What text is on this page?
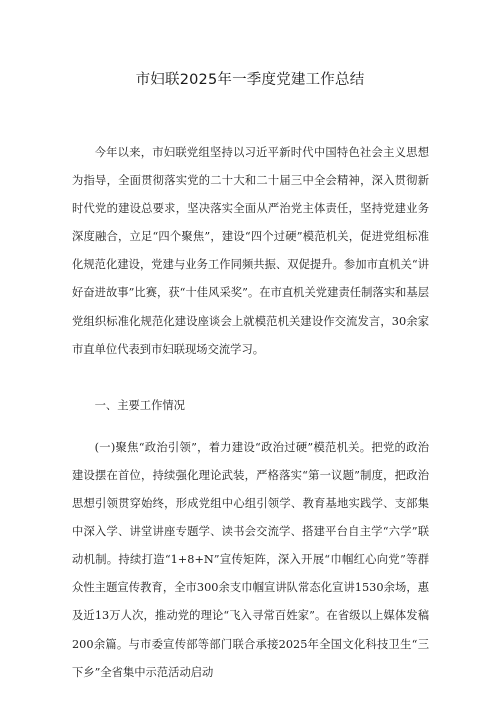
市妇联2025年一季度党建工作总结

今年以来，市妇联党组坚持以习近平新时代中国特色社会主义思想为指导，全面贯彻落实党的二十大和二十届三中全会精神，深入贯彻新时代党的建设总要求，坚决落实全面从严治党主体责任，坚持党建业务深度融合，立足“四个聚焦”，建设“四个过硬”模范机关，促进党组标准化规范化建设，党建与业务工作同频共振、双促提升。参加市直机关“讲好奋进故事”比赛，获“十佳风采奖”。在市直机关党建责任制落实和基层党组织标准化规范化建设座谈会上就模范机关建设作交流发言，30余家市直单位代表到市妇联现场交流学习。

一、主要工作情况

(一)聚焦“政治引领”，着力建设“政治过硬”模范机关。把党的政治建设摆在首位，持续强化理论武装，严格落实“第一议题”制度，把政治思想引领贯穿始终，形成党组中心组引领学、教育基地实践学、支部集中深入学、讲堂讲座专题学、读书会交流学、搭建平台自主学“六学”联动机制。持续打造“1+8+N”宣传矩阵，深入开展“巾帼红心向党”等群众性主题宣传教育，全市300余支巾帼宣讲队常态化宣讲1530余场，惠及近13万人次，推动党的理论“飞入寻常百姓家”。在省级以上媒体发稿200余篇。与市委宣传部等部门联合承接2025年全国文化科技卫生“三下乡”全省集中示范活动启动
